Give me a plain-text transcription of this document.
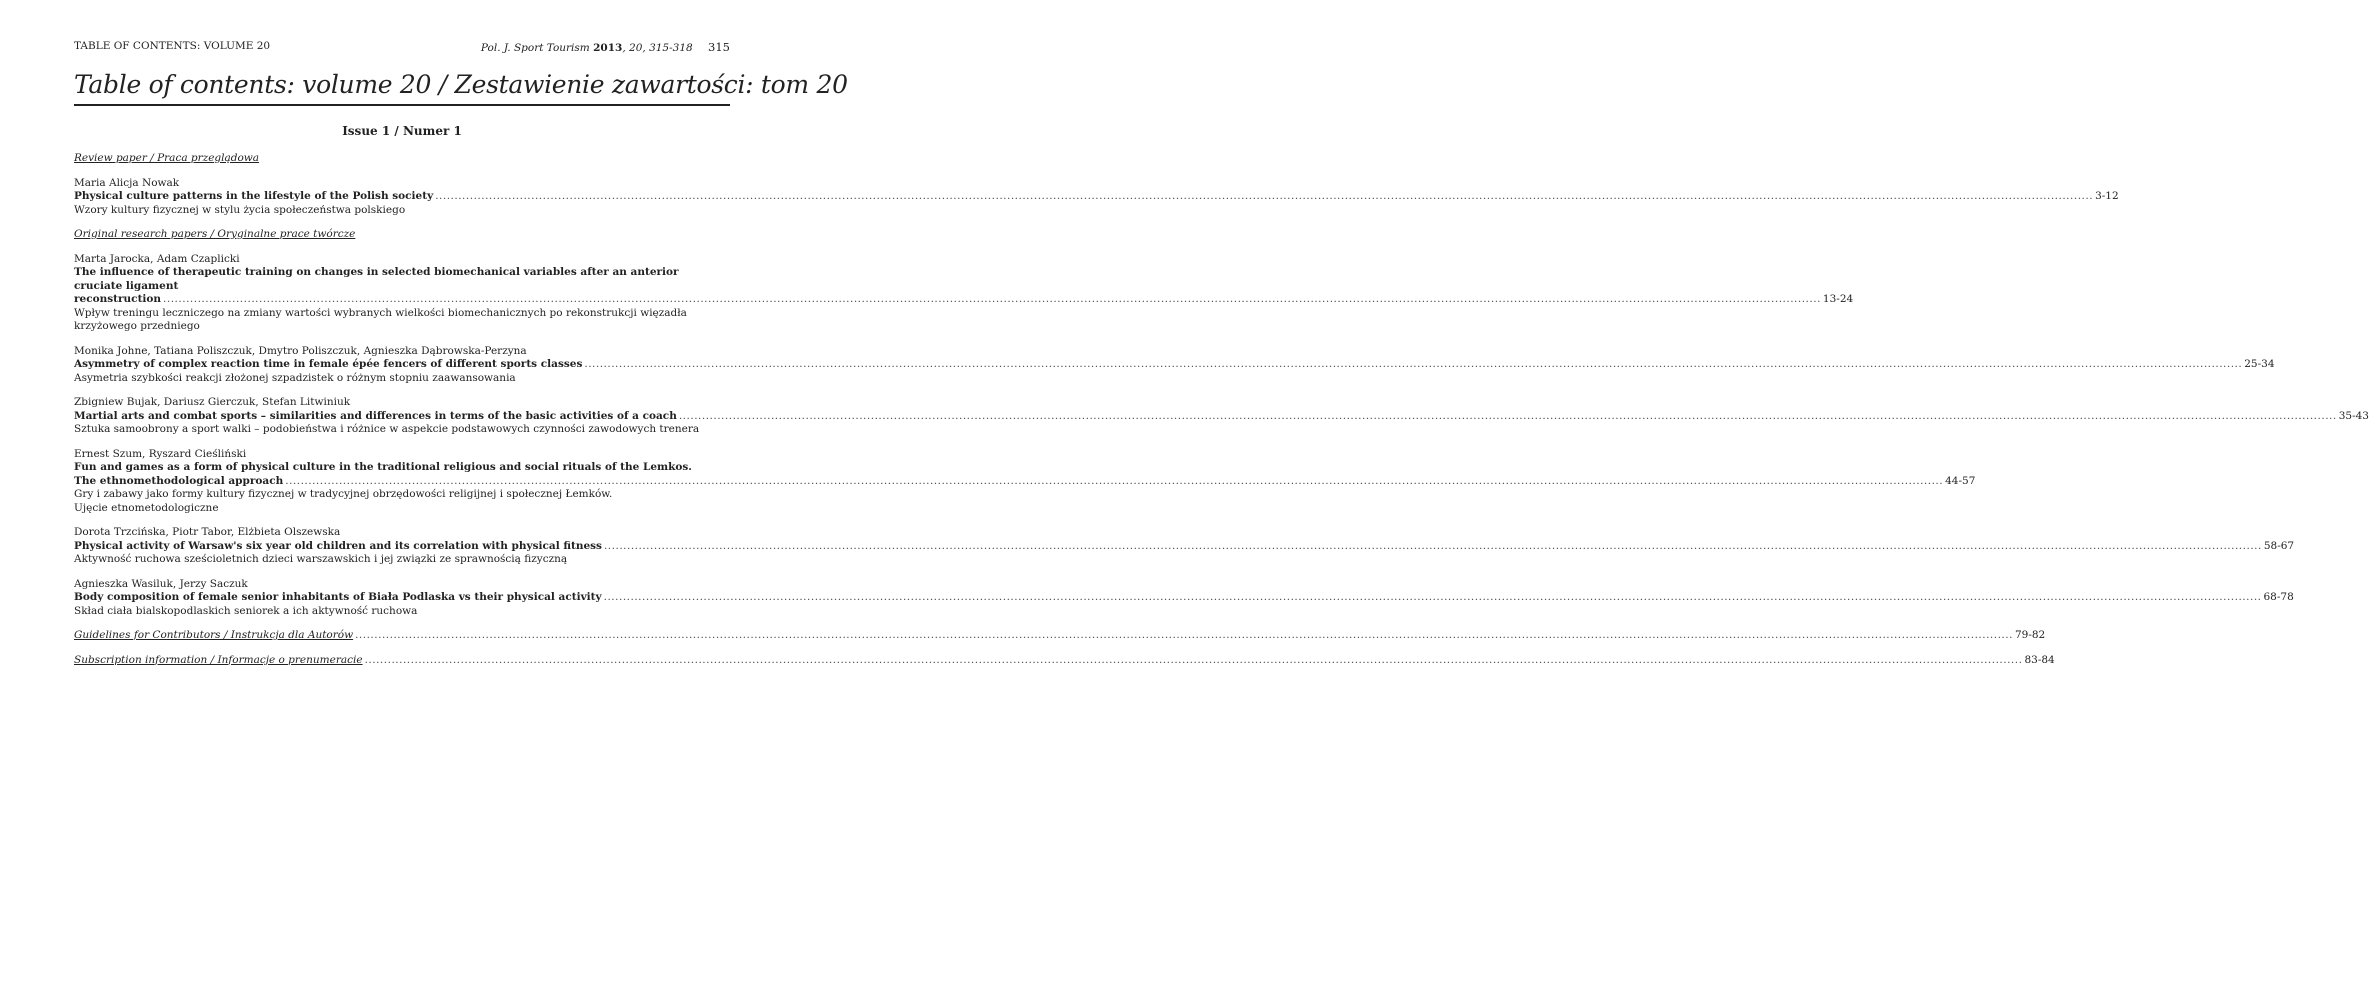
TABLE OF CONTENTS: VOLUME 20	Pol. J. Sport Tourism 2013, 20, 315-318 315
Table of contents: volume 20 / Zestawienie zawartości: tom 20
Issue 1 / Numer 1
Review paper / Praca przeglądowa
Maria Alicja Nowak
Physical culture patterns in the lifestyle of the Polish society .....	3-12
Wzory kultury fizycznej w stylu życia społeczeństwa polskiego
Original research papers / Oryginalne prace twórcze
Marta Jarocka, Adam Czaplicki
The influence of therapeutic training on changes in selected biomechanical variables after an anterior cruciate ligament
reconstruction .....	13-24
Wpływ treningu leczniczego na zmiany wartości wybranych wielkości biomechanicznych po rekonstrukcji więzadła
krzyżowego przedniego
Monika Johne, Tatiana Poliszczuk, Dmytro Poliszczuk, Agnieszka Dąbrowska-Perzyna
Asymmetry of complex reaction time in female épée fencers of different sports classes .....	25-34
Asymetria szybkości reakcji złożonej szpadzistek o różnym stopniu zaawansowania
Zbigniew Bujak, Dariusz Gierczuk, Stefan Litwiniuk
Martial arts and combat sports – similarities and differences in terms of the basic activities of a coach .....	35-43
Sztuka samoobrony a sport walki – podobieństwa i różnice w aspekcie podstawowych czynności zawodowych trenera
Ernest Szum, Ryszard Cieśliński
Fun and games as a form of physical culture in the traditional religious and social rituals of the Lemkos.
The ethnomethodological approach .....	44-57
Gry i zabawy jako formy kultury fizycznej w tradycyjnej obrzędowości religijnej i społecznej Łemków.
Ujęcie etnometodologiczne
Dorota Trzcińska, Piotr Tabor, Elżbieta Olszewska
Physical activity of Warsaw's six year old children and its correlation with physical fitness .....	58-67
Aktywność ruchowa sześcioletnich dzieci warszawskich i jej związki ze sprawnością fizyczną
Agnieszka Wasiluk, Jerzy Saczuk
Body composition of female senior inhabitants of Biała Podlaska vs their physical activity .....	68-78
Skład ciała bialskopodlaskich seniorek a ich aktywność ruchowa
Guidelines for Contributors / Instrukcja dla Autorów .....	79-82
Subscription information / Informacje o prenumeracie .....	83-84
